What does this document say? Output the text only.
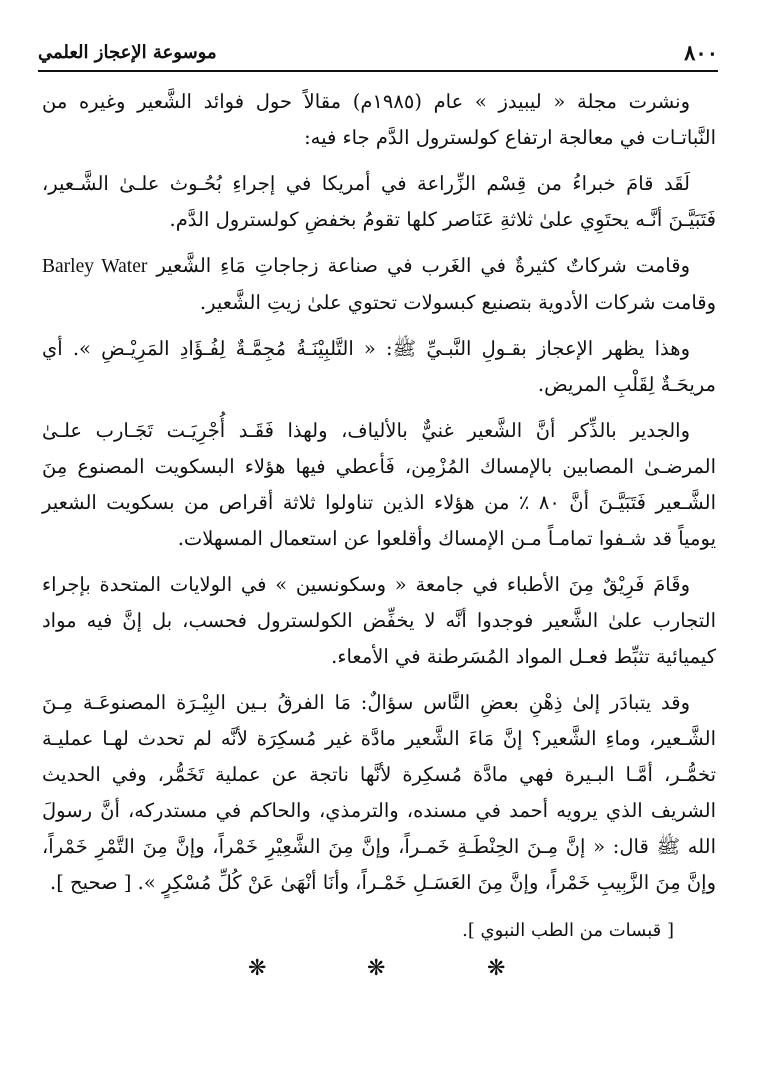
٨٠٠
موسوعة الإعجاز العلمي

ونشرت مجلة « ليبيدز » عام (١٩٨٥م) مقالاً حول فوائد الشَّعير وغيره من النَّباتـات في معالجة ارتفاع كولسترول الدَّم جاء فيه:

لَقَد قامَ خبراءُ من قِسْم الزِّراعة في أمريكا في إجراءِ بُحُـوث علـىٰ الشَّـعير، فَتَبَيَّـنَ أنَّـه يحتَوِي علىٰ ثلاثةِ عَنَاصر كلها تقومُ بخفضِ كولسترول الدَّم.

وقامت شركاتٌ كثيرةٌ في الغَرب في صناعة زجاجاتِ مَاءِ الشَّعير Barley Water وقامت شركات الأدوية بتصنيع كبسولات تحتوي علىٰ زيتِ الشَّعير.

وهذا يظهر الإعجاز بقـولِ النَّبـيِّ ﷺ: « التَّلبِيْنَـةُ مُجِمَّـةٌ لِفُـؤَادِ المَرِيْـضِ ». أي مريحَـةٌ لِقَلْبِ المريض.

والجدير بالذِّكر أنَّ الشَّعير غنيٌّ بالألياف، ولهذا فَقَـد أُجْرِيَـت تَجَـارب علـىٰ المرضـىٰ المصابين بالإمساك المُزْمِن، فَأعطي فيها هؤلاء البسكويت المصنوع مِنَ الشَّـعير فَتَبَيَّـنَ أنَّ ٨٠ ٪ من هؤلاء الذين تناولوا ثلاثة أقراص من بسكويت الشعير يومياً قد شـفوا تمامـاً مـن الإمساك وأقلعوا عن استعمال المسهلات.

وقَامَ فَرِيْقٌ مِنَ الأطباء في جامعة « وسكونسين » في الولايات المتحدة بإجراء التجارب علىٰ الشَّعير فوجدوا أنَّه لا يخفِّض الكولسترول فحسب، بل إنَّ فيه مواد كيميائية تثبِّط فعـل المواد المُسَرطنة في الأمعاء.

وقد يتبادَر إلىٰ ذِهْنِ بعضِ النَّاس سؤالٌ: مَا الفرقُ بـين البِيْـرَة المصنوعَـة مِـنَ الشَّـعير، وماءِ الشَّعير؟ إنَّ مَاءَ الشَّعير مادَّة غير مُسكِرَة لأنَّه لم تحدث لهـا عمليـة تخمُّـر، أمَّـا البـيرة فهي مادَّة مُسكِرة لأنَّها ناتجة عن عملية تَخَمُّر، وفي الحديث الشريف الذي يرويه أحمد في مسنده، والترمذي، والحاكم في مستدركه، أنَّ رسولَ الله ﷺ قال: « إنَّ مِـنَ الحِنْطَـةِ خَمـراً، وإنَّ مِنَ الشَّعِيْرِ خَمْراً، وإنَّ مِنَ التَّمْرِ خَمْراً، وإنَّ مِنَ الزَّبِيبِ خَمْراً، وإنَّ مِنَ العَسَـلِ خَمْـراً، وأنَا أنْهَىٰ عَنْ كُلِّ مُسْكِرٍ ». [ صحيح ].

[ قبسات من الطب النبوي ].
❋	❋	❋
